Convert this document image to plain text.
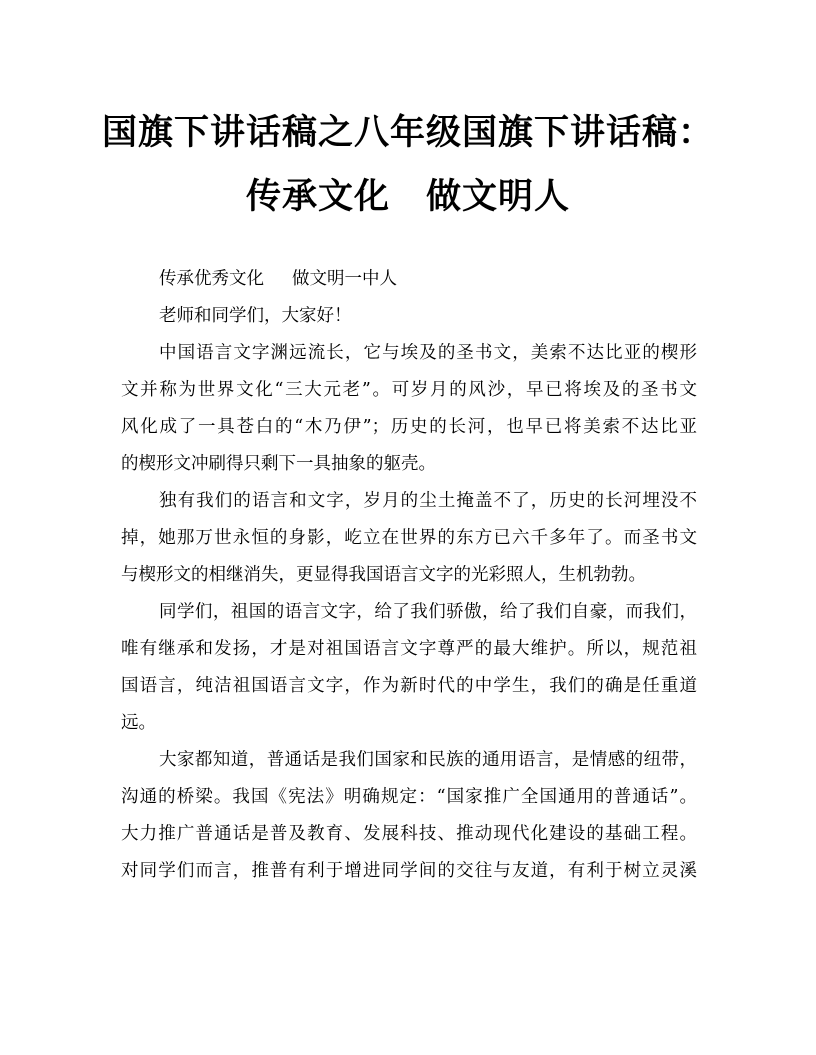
国旗下讲话稿之八年级国旗下讲话稿：
传承文化 做文明人
传承优秀文化 做文明一中人
老师和同学们，大家好！
中国语言文字渊远流长，它与埃及的圣书文，美索不达比亚的楔形
文并称为世界文化“三大元老”。可岁月的风沙，早已将埃及的圣书文
风化成了一具苍白的“木乃伊”；历史的长河，也早已将美索不达比亚
的楔形文冲刷得只剩下一具抽象的躯壳。
独有我们的语言和文字，岁月的尘土掩盖不了，历史的长河埋没不
掉，她那万世永恒的身影，屹立在世界的东方已六千多年了。而圣书文
与楔形文的相继消失，更显得我国语言文字的光彩照人，生机勃勃。
同学们，祖国的语言文字，给了我们骄傲，给了我们自豪，而我们，
唯有继承和发扬，才是对祖国语言文字尊严的最大维护。所以，规范祖
国语言，纯洁祖国语言文字，作为新时代的中学生，我们的确是任重道
远。
大家都知道，普通话是我们国家和民族的通用语言，是情感的纽带，
沟通的桥梁。我国《宪法》明确规定：“国家推广全国通用的普通话”。
大力推广普通话是普及教育、发展科技、推动现代化建设的基础工程。
对同学们而言，推普有利于增进同学间的交往与友道，有利于树立灵溪
